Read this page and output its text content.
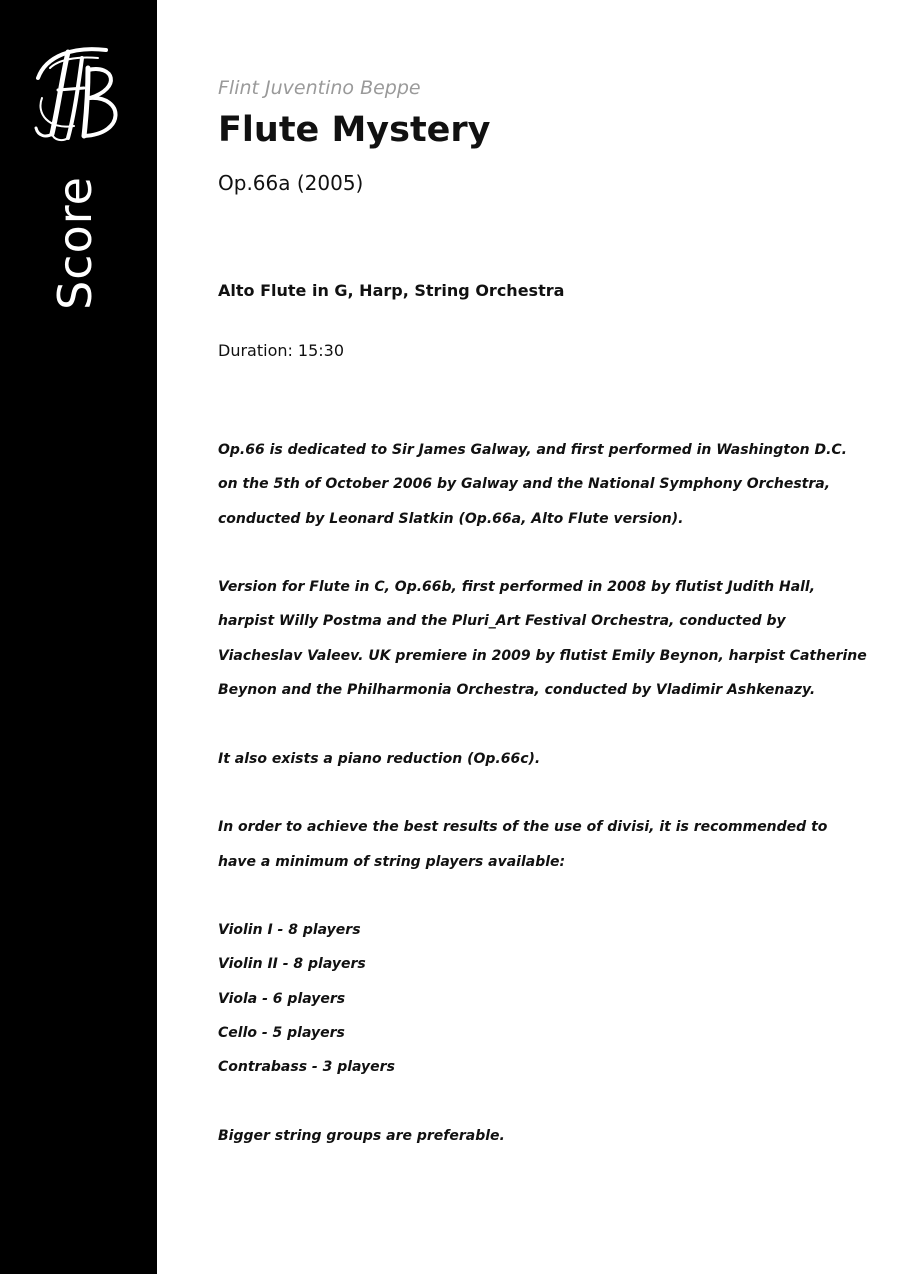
Score
Flint Juventino Beppe
Flute Mystery
Op.66a (2005)
Alto Flute in G, Harp, String Orchestra
Duration: 15:30

Op.66 is dedicated to Sir James Galway, and first performed in Washington D.C. on the 5th of October 2006 by Galway and the National Symphony Orchestra, conducted by Leonard Slatkin (Op.66a, Alto Flute version).

Version for Flute in C, Op.66b, first performed in 2008 by flutist Judith Hall, harpist Willy Postma and the Pluri_Art Festival Orchestra, conducted by Viacheslav Valeev. UK premiere in 2009 by flutist Emily Beynon, harpist Catherine Beynon and the Philharmonia Orchestra, conducted by Vladimir Ashkenazy.

It also exists a piano reduction (Op.66c).

In order to achieve the best results of the use of divisi, it is recommended to have a minimum of string players available:

Violin I - 8 players
Violin II - 8 players
Viola - 6 players
Cello - 5 players
Contrabass - 3 players

Bigger string groups are preferable.
